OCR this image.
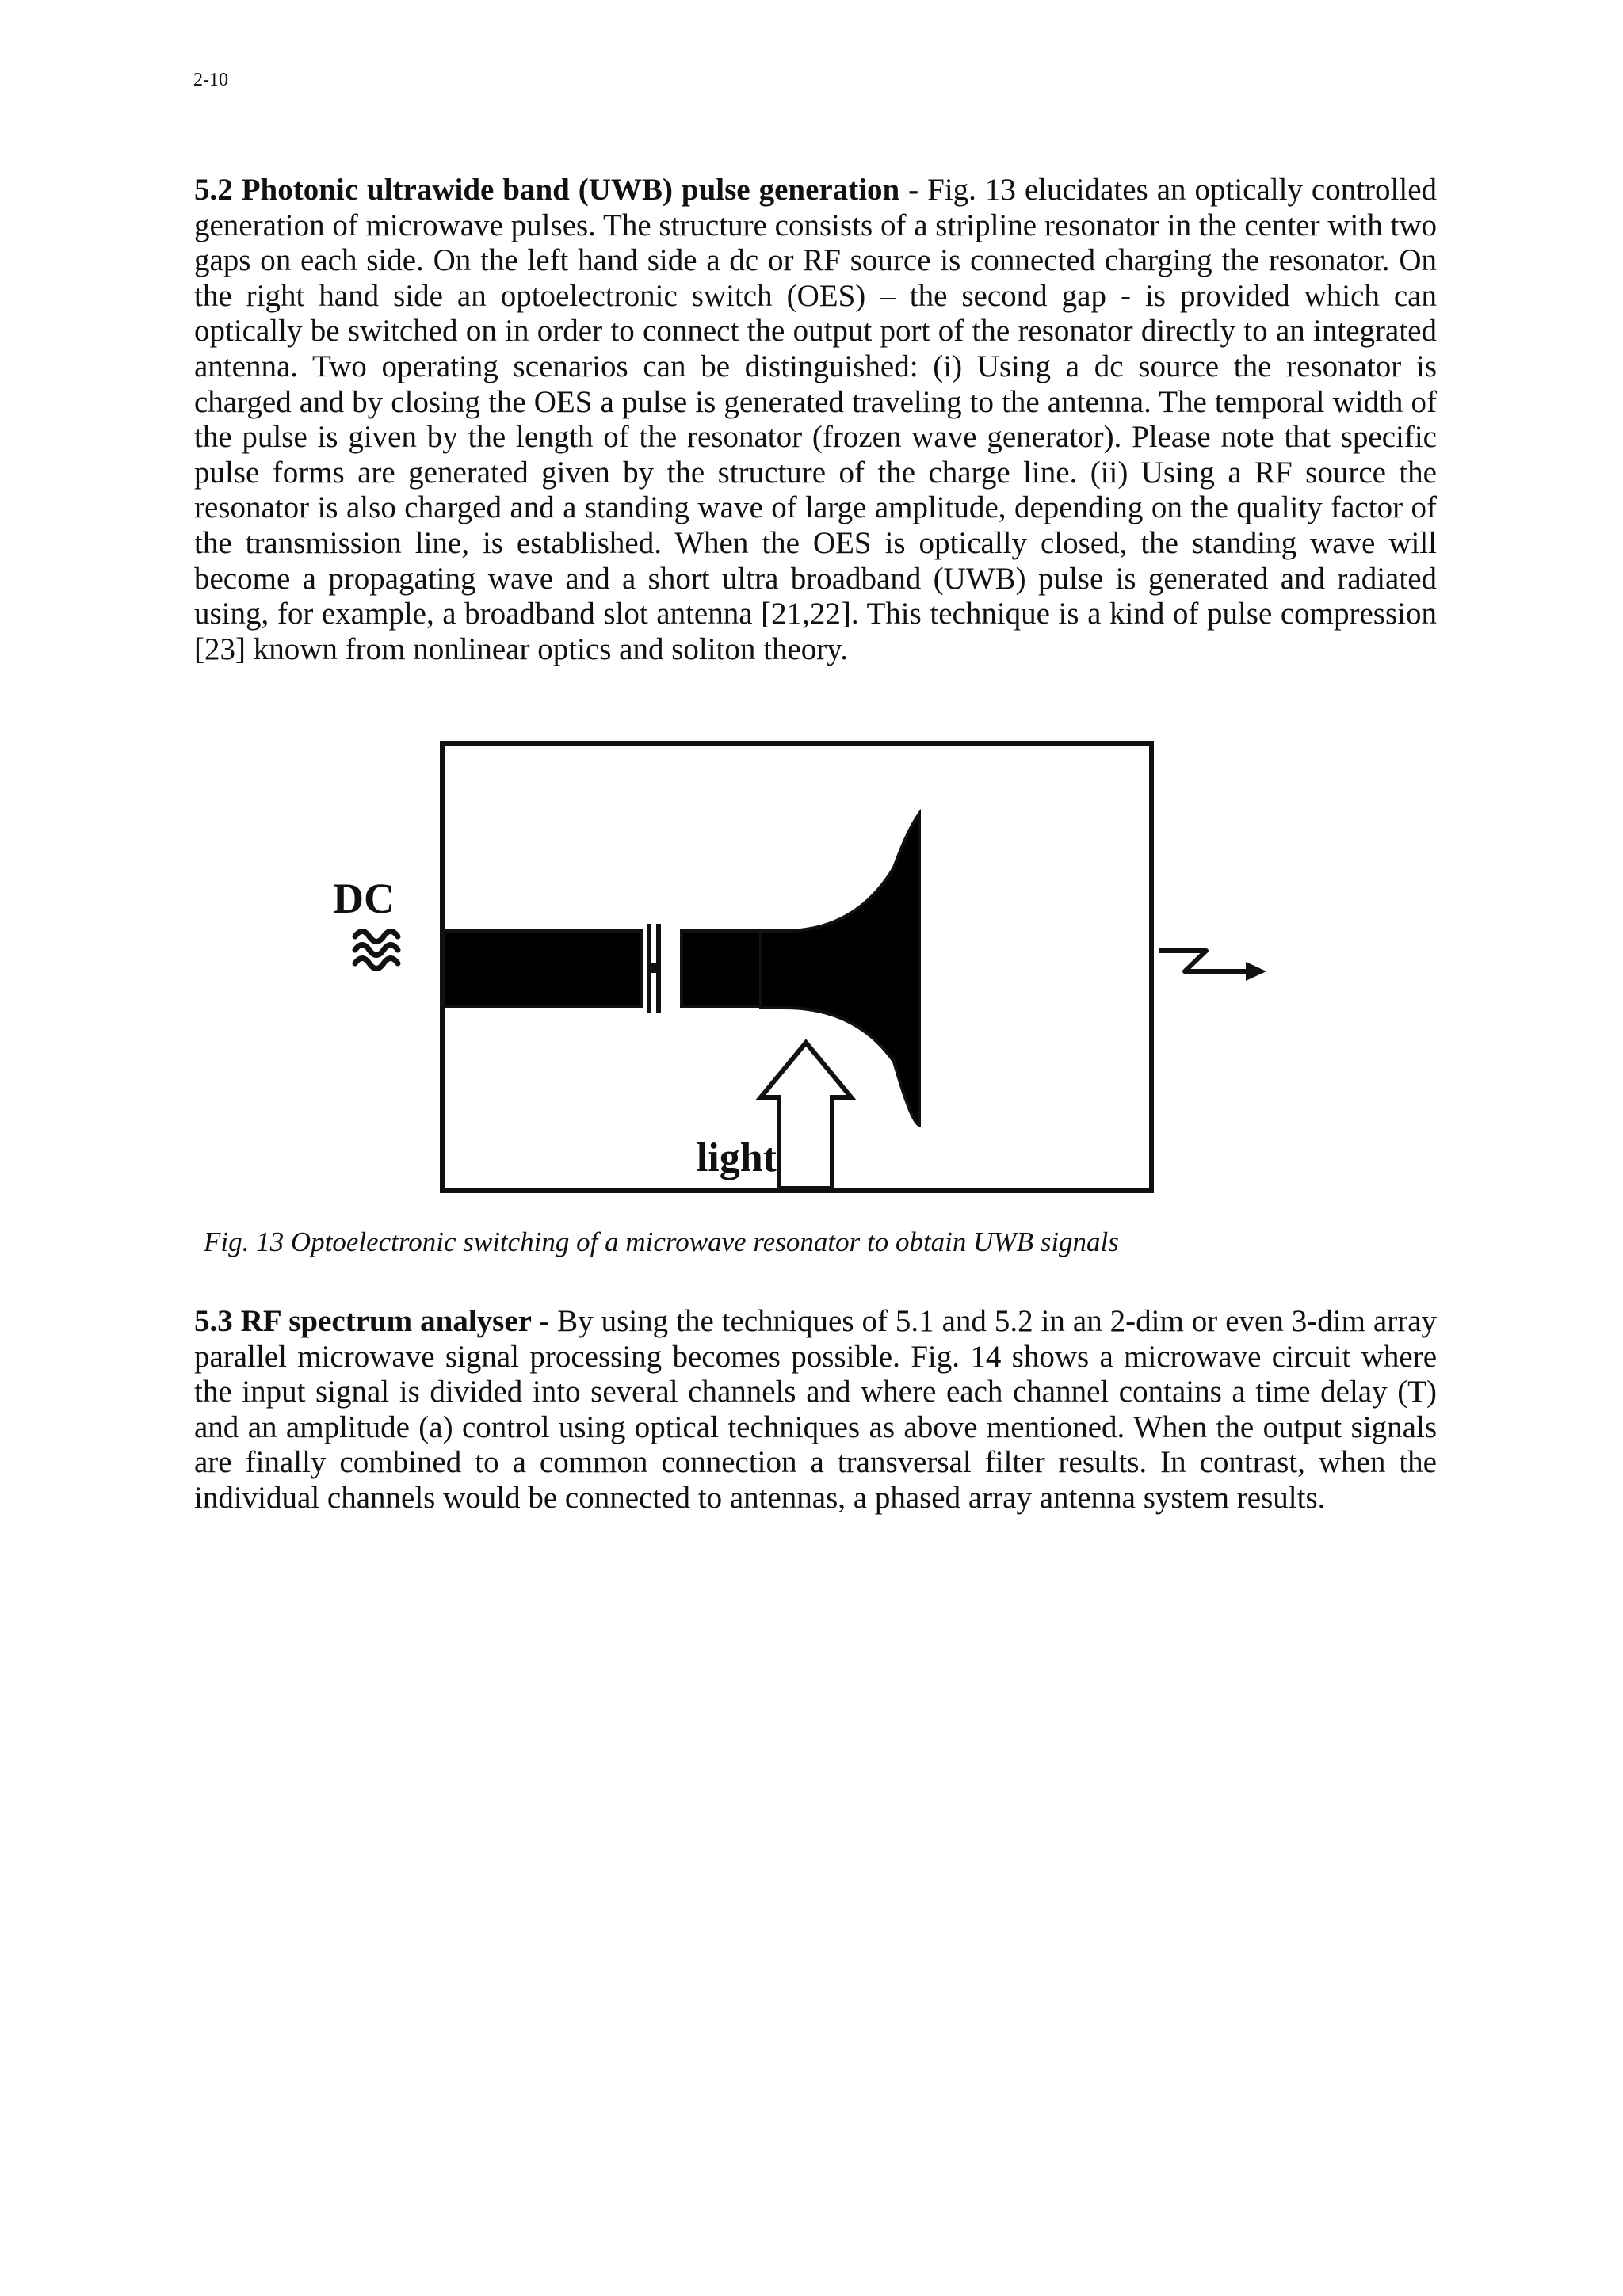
2-10

5.2 Photonic ultrawide band (UWB) pulse generation - Fig. 13 elucidates an optically controlled generation of microwave pulses. The structure consists of a stripline resonator in the center with two gaps on each side. On the left hand side a dc or RF source is connected charging the resonator. On the right hand side an optoelectronic switch (OES) – the second gap - is provided which can optically be switched on in order to connect the output port of the resonator directly to an integrated antenna. Two operating scenarios can be distinguished: (i) Using a dc source the resonator is charged and by closing the OES a pulse is generated traveling to the antenna. The temporal width of the pulse is given by the length of the resonator (frozen wave generator). Please note that specific pulse forms are generated given by the structure of the charge line. (ii) Using a RF source the resonator is also charged and a standing wave of large amplitude, depending on the quality factor of the transmission line, is established. When the OES is optically closed, the standing wave will become a propagating wave and a short ultra broadband (UWB) pulse is generated and radiated using, for example, a broadband slot antenna [21,22]. This technique is a kind of pulse compression [23] known from nonlinear optics and soliton theory.

DC
light
Fig. 13 Optoelectronic switching of a microwave resonator to obtain UWB signals

5.3 RF spectrum analyser - By using the techniques of 5.1 and 5.2 in an 2-dim or even 3-dim array parallel microwave signal processing becomes possible. Fig. 14 shows a microwave circuit where the input signal is divided into several channels and where each channel contains a time delay (T) and an amplitude (a) control using optical techniques as above mentioned. When the output signals are finally combined to a common connection a transversal filter results. In contrast, when the individual channels would be connected to antennas, a phased array antenna system results.
